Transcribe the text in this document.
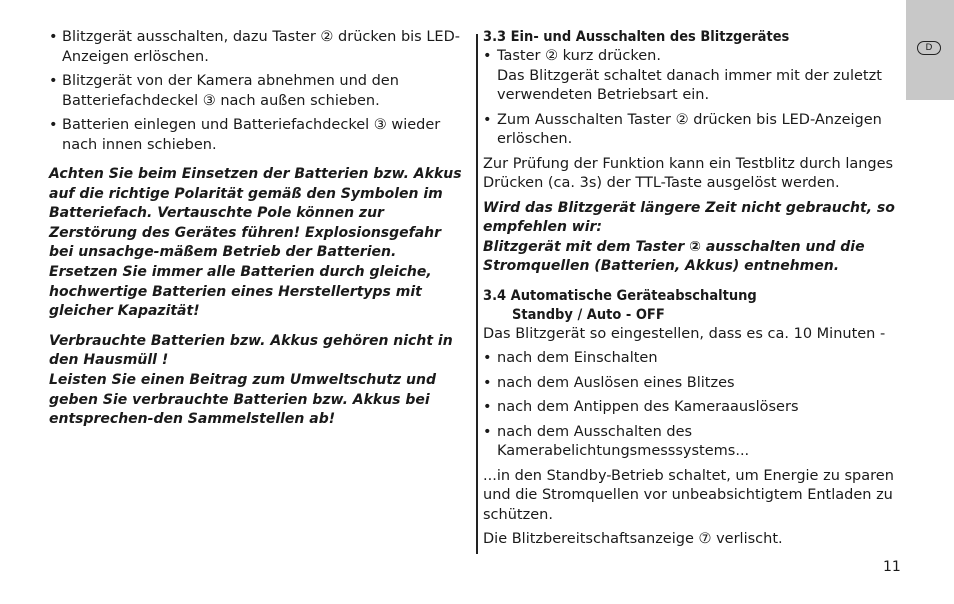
D

• Blitzgerät ausschalten, dazu Taster ② drücken bis LED-Anzeigen erlöschen.

• Blitzgerät von der Kamera abnehmen und den Batteriefachdeckel ③ nach außen schieben.

• Batterien einlegen und Batteriefachdeckel ③ wieder nach innen schieben.

Achten Sie beim Einsetzen der Batterien bzw. Akkus auf die richtige Polarität gemäß den Symbolen im Batteriefach. Vertauschte Pole können zur Zerstörung des Gerätes führen! Explosionsgefahr bei unsachge-mäßem Betrieb der Batterien. Ersetzen Sie immer alle Batterien durch gleiche, hochwertige Batterien eines Herstellertyps mit gleicher Kapazität!

Verbrauchte Batterien bzw. Akkus gehören nicht in den Hausmüll !

Leisten Sie einen Beitrag zum Umweltschutz und geben Sie verbrauchte Batterien bzw. Akkus bei entsprechen-den Sammelstellen ab!

3.3 Ein- und Ausschalten des Blitzgerätes

• Taster ② kurz drücken.

Das Blitzgerät schaltet danach immer mit der zuletzt verwendeten Betriebsart ein.

• Zum Ausschalten Taster ② drücken bis LED-Anzeigen erlöschen.

Zur Prüfung der Funktion kann ein Testblitz durch langes Drücken (ca. 3s) der TTL-Taste ausgelöst werden.

Wird das Blitzgerät längere Zeit nicht gebraucht, so empfehlen wir:

Blitzgerät mit dem Taster ② ausschalten und die Stromquellen (Batterien, Akkus) entnehmen.

3.4 Automatische Geräteabschaltung
Standby / Auto - OFF

Das Blitzgerät so eingestellen, dass es ca. 10 Minuten -

• nach dem Einschalten

• nach dem Auslösen eines Blitzes

• nach dem Antippen des Kameraauslösers

• nach dem Ausschalten des Kamerabelichtungsmesssystems...

...in den Standby-Betrieb schaltet, um Energie zu sparen und die Stromquellen vor unbeabsichtigtem Entladen zu schützen.

Die Blitzbereitschaftsanzeige ⑦ verlischt.

11
